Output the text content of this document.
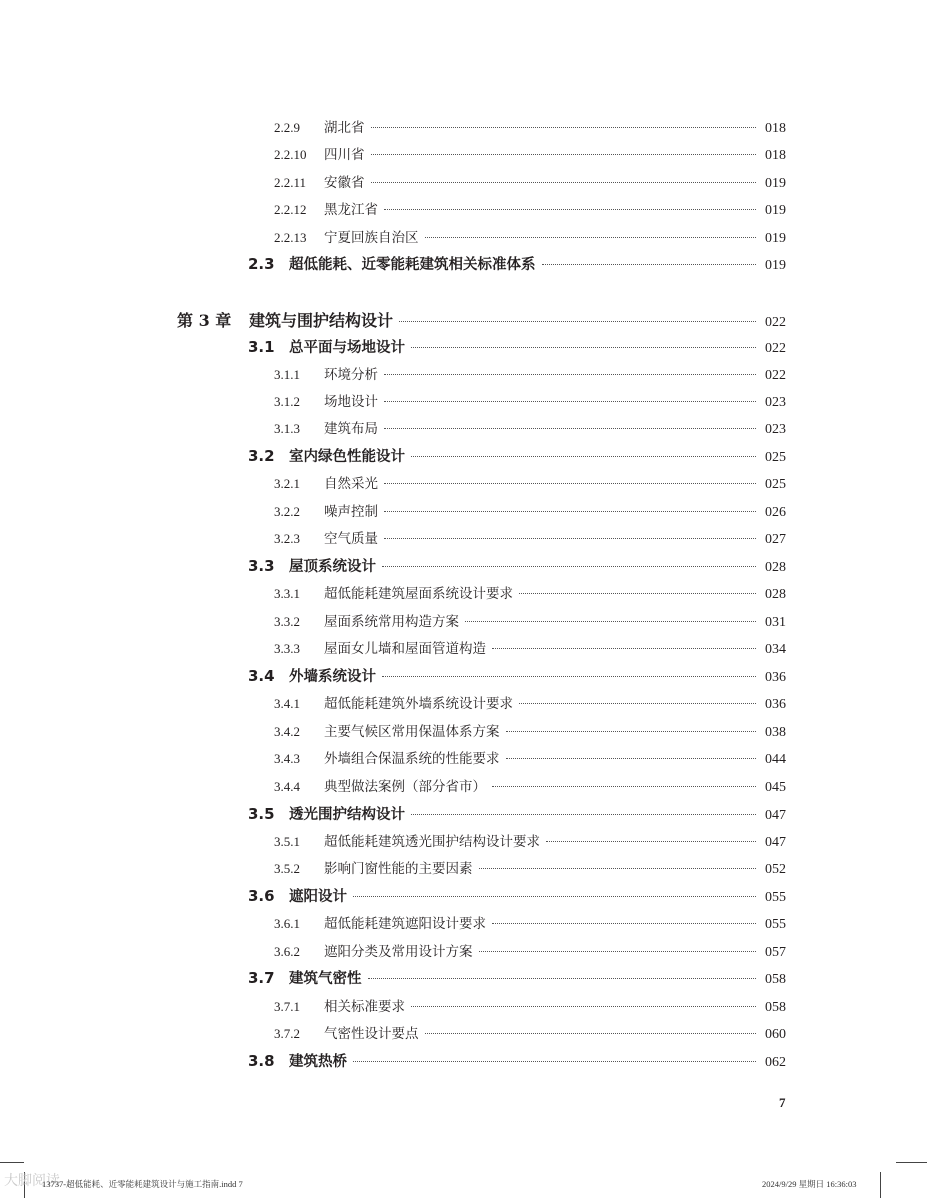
2.2.9	湖北省	018
2.2.10	四川省	018
2.2.11	安徽省	019
2.2.12	黑龙江省	019
2.2.13	宁夏回族自治区	019
2.3 超低能耗、近零能耗建筑相关标准体系	019
第 3 章	建筑与围护结构设计	022
3.1 总平面与场地设计	022
3.1.1	环境分析	022
3.1.2	场地设计	023
3.1.3	建筑布局	023
3.2 室内绿色性能设计	025
3.2.1	自然采光	025
3.2.2	噪声控制	026
3.2.3	空气质量	027
3.3 屋顶系统设计	028
3.3.1	超低能耗建筑屋面系统设计要求	028
3.3.2	屋面系统常用构造方案	031
3.3.3	屋面女儿墙和屋面管道构造	034
3.4 外墙系统设计	036
3.4.1	超低能耗建筑外墙系统设计要求	036
3.4.2	主要气候区常用保温体系方案	038
3.4.3	外墙组合保温系统的性能要求	044
3.4.4	典型做法案例（部分省市）	045
3.5 透光围护结构设计	047
3.5.1	超低能耗建筑透光围护结构设计要求	047
3.5.2	影响门窗性能的主要因素	052
3.6 遮阳设计	055
3.6.1	超低能耗建筑遮阳设计要求	055
3.6.2	遮阳分类及常用设计方案	057
3.7 建筑气密性	058
3.7.1	相关标准要求	058
3.7.2	气密性设计要点	060
3.8 建筑热桥	062
7
大脚阅读
13737-超低能耗、近零能耗建筑设计与施工指南.indd 7	2024/9/29 星期日 16:36:03
